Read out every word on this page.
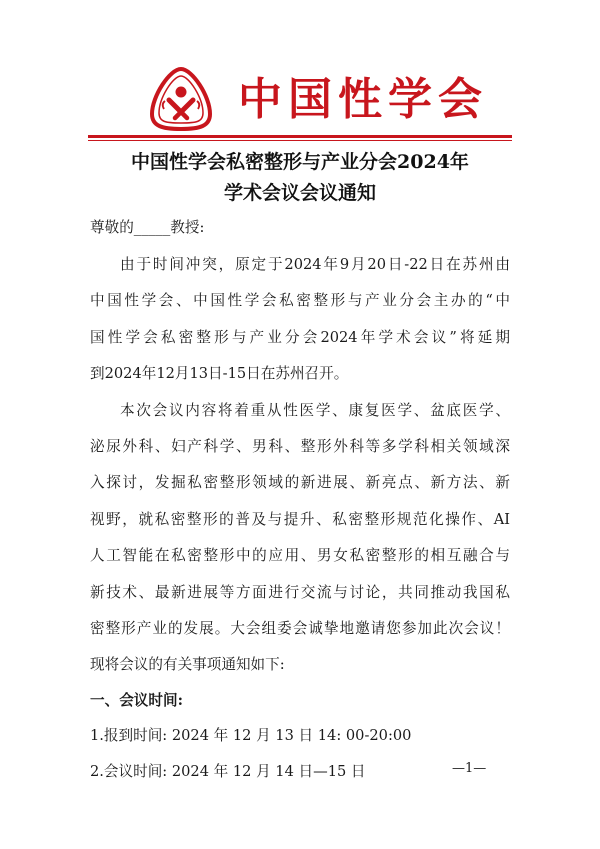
中国性学会
中国性学会私密整形与产业分会2024年
学术会议会议通知
尊敬的_____教授:
由于时间冲突，原定于2024年9月20日-22日在苏州由
中国性学会、中国性学会私密整形与产业分会主办的“中
国性学会私密整形与产业分会2024年学术会议”将延期
到2024年12月13日-15日在苏州召开。
本次会议内容将着重从性医学、康复医学、盆底医学、
泌尿外科、妇产科学、男科、整形外科等多学科相关领域深
入探讨，发掘私密整形领域的新进展、新亮点、新方法、新
视野，就私密整形的普及与提升、私密整形规范化操作、AI
人工智能在私密整形中的应用、男女私密整形的相互融合与
新技术、最新进展等方面进行交流与讨论，共同推动我国私
密整形产业的发展。大会组委会诚挚地邀请您参加此次会议！
现将会议的有关事项通知如下:
一、会议时间:
1.报到时间: 2024 年 12 月 13 日 14: 00-20:00
2.会议时间: 2024 年 12 月 14 日—15 日	—1—
